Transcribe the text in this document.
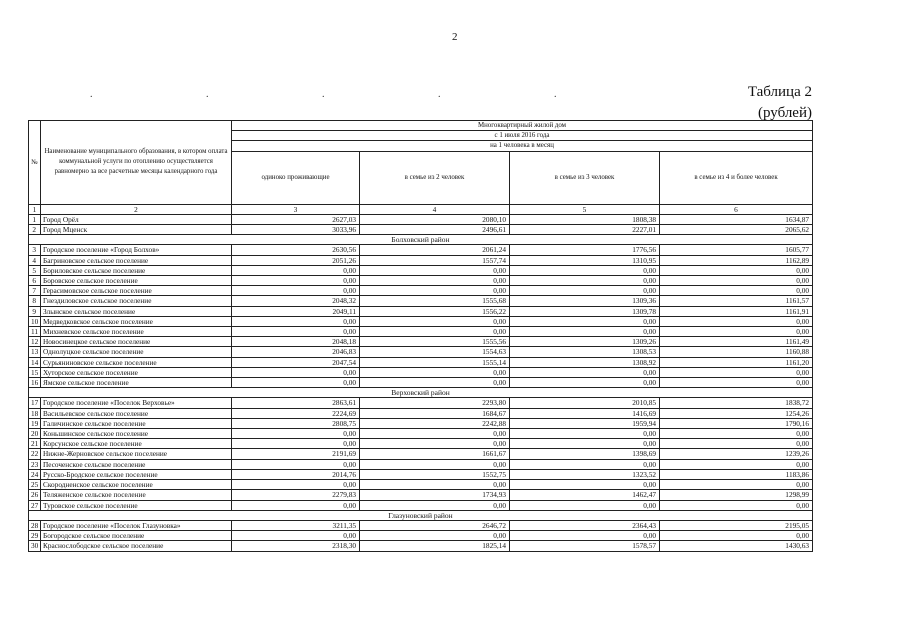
2
.	.	.	.	.	Таблица 2
(рублей)
№	Наименование муниципального образования, в котором оплата коммунальной услуги по отоплению осуществляется равномерно за все расчетные месяцы календарного года	Многоквартирный жилой дом			
		с 1 июля 2016 года			
		на 1 человека в месяц			
		одиноко проживающие	в семье из 2 человек	в семье из 3 человек	в семье из 4 и более человек
1	2	3	4	5	6
1	Город Орёл	2627,03	2080,10	1808,38	1634,87
2	Город Мценск	3033,96	2496,61	2227,01	2065,62
Болховский район					
3	Городское поселение «Город Болхов»	2630,56	2061,24	1776,56	1605,77
4	Багриновское сельское поселение	2051,26	1557,74	1310,95	1162,89
5	Бориловское сельское поселение	0,00	0,00	0,00	0,00
6	Боровское сельское поселение	0,00	0,00	0,00	0,00
7	Герасимовское сельское поселение	0,00	0,00	0,00	0,00
8	Гнездиловское сельское поселение	2048,32	1555,68	1309,36	1161,57
9	Злынское сельское поселение	2049,11	1556,22	1309,78	1161,91
10	Медведковское сельское поселение	0,00	0,00	0,00	0,00
11	Михневское сельское поселение	0,00	0,00	0,00	0,00
12	Новосинецкое сельское поселение	2048,18	1555,56	1309,26	1161,49
13	Однолуцкое сельское поселение	2046,83	1554,63	1308,53	1160,88
14	Сурьяниновское сельское поселение	2047,54	1555,14	1308,92	1161,20
15	Хуторское сельское поселение	0,00	0,00	0,00	0,00
16	Ямское сельское поселение	0,00	0,00	0,00	0,00
Верховский район					
17	Городское поселение «Поселок Верховье»	2863,61	2293,80	2010,85	1838,72
18	Васильевское сельское поселение	2224,69	1684,67	1416,69	1254,26
19	Галичинское сельское поселение	2808,75	2242,88	1959,94	1790,16
20	Коньшинское сельское поселение	0,00	0,00	0,00	0,00
21	Корсунское сельское поселение	0,00	0,00	0,00	0,00
22	Нижне-Жерновское сельское поселение	2191,69	1661,67	1398,69	1239,26
23	Песоченское сельское поселение	0,00	0,00	0,00	0,00
24	Русско-Бродское сельское поселение	2014,76	1552,75	1323,52	1183,86
25	Скородненское сельское поселение	0,00	0,00	0,00	0,00
26	Теляженское сельское поселение	2279,83	1734,93	1462,47	1298,99
27	Туровское сельское поселение	0,00	0,00	0,00	0,00
Глазуновский район					
28	Городское поселение «Поселок Глазуновка»	3211,35	2646,72	2364,43	2195,05
29	Богородское сельское поселение	0,00	0,00	0,00	0,00
30	Краснослободское сельское поселение	2318,30	1825,14	1578,57	1430,63
